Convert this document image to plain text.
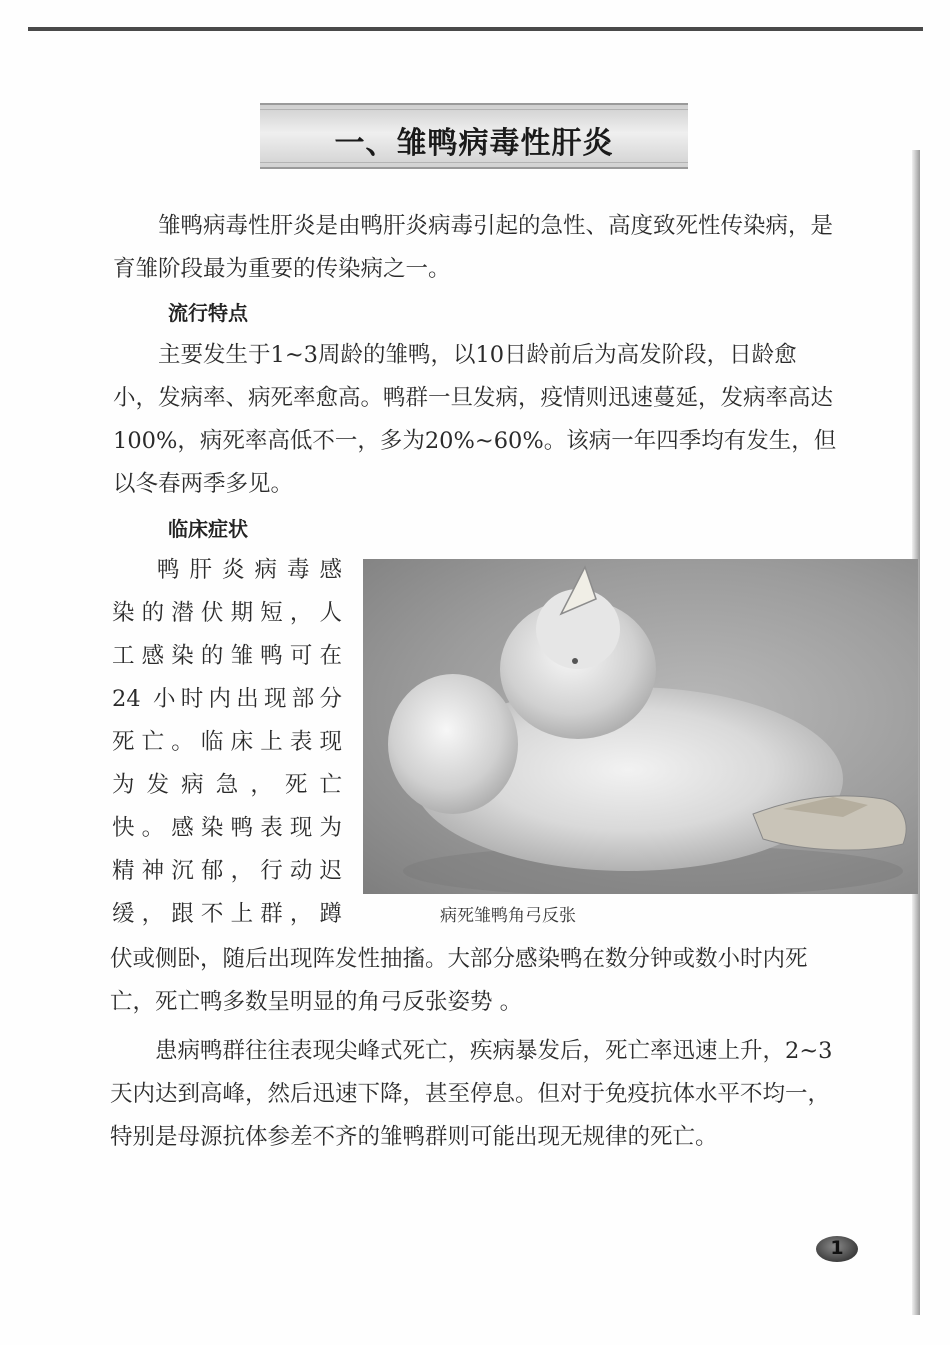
一、雏鸭病毒性肝炎

雏鸭病毒性肝炎是由鸭肝炎病毒引起的急性、高度致死性传染病，是育雏阶段最为重要的传染病之一。

流行特点

主要发生于1~3周龄的雏鸭，以10日龄前后为高发阶段，日龄愈小，发病率、病死率愈高。鸭群一旦发病，疫情则迅速蔓延，发病率高达100%，病死率高低不一，多为20%~60%。该病一年四季均有发生，但以冬春两季多见。

临床症状
鸭肝炎病毒感
染的潜伏期短，人
工感染的雏鸭可在
24 小时内出现部分
死亡。临床上表现
为发病急，死亡
快。感染鸭表现为
精神沉郁，行动迟
缓，跟不上群，蹲	病死雏鸭角弓反张

伏或侧卧，随后出现阵发性抽搐。大部分感染鸭在数分钟或数小时内死亡，死亡鸭多数呈明显的角弓反张姿势 。

患病鸭群往往表现尖峰式死亡，疾病暴发后，死亡率迅速上升，2~3 天内达到高峰，然后迅速下降，甚至停息。但对于免疫抗体水平不均一，特别是母源抗体参差不齐的雏鸭群则可能出现无规律的死亡。

1
